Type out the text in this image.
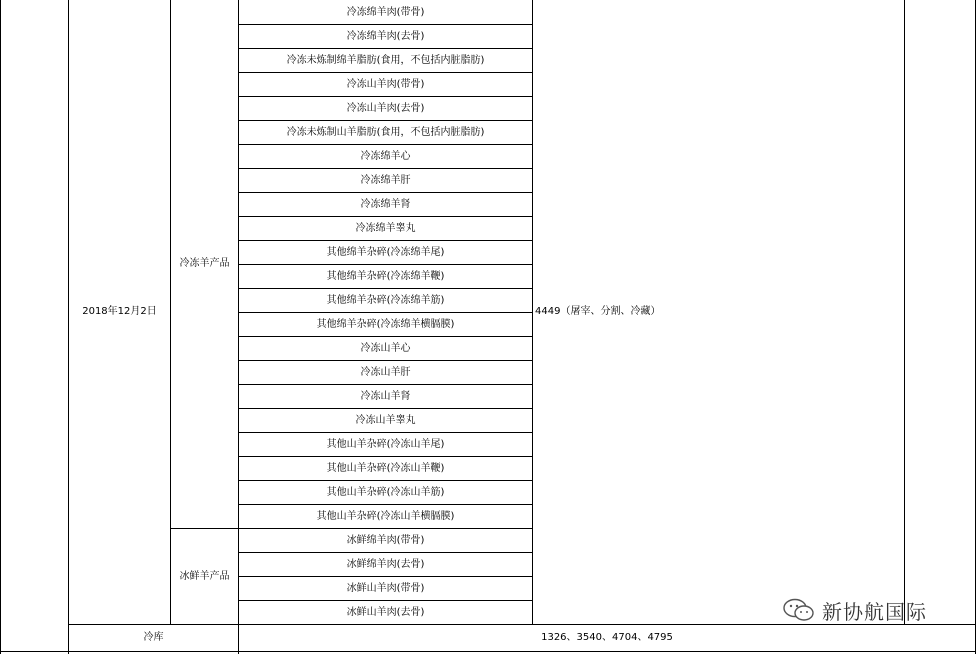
2018年12月2日
冷冻羊产品
冰鲜羊产品
冷冻绵羊肉(带骨)
冷冻绵羊肉(去骨)
冷冻未炼制绵羊脂肪(食用，不包括内脏脂肪)
冷冻山羊肉(带骨)
冷冻山羊肉(去骨)
冷冻未炼制山羊脂肪(食用，不包括内脏脂肪)
冷冻绵羊心
冷冻绵羊肝
冷冻绵羊肾
冷冻绵羊睾丸
其他绵羊杂碎(冷冻绵羊尾)
其他绵羊杂碎(冷冻绵羊鞭)
其他绵羊杂碎(冷冻绵羊筋)
其他绵羊杂碎(冷冻绵羊横膈膜)
冷冻山羊心
冷冻山羊肝
冷冻山羊肾
冷冻山羊睾丸
其他山羊杂碎(冷冻山羊尾)
其他山羊杂碎(冷冻山羊鞭)
其他山羊杂碎(冷冻山羊筋)
其他山羊杂碎(冷冻山羊横膈膜)
冰鲜绵羊肉(带骨)
冰鲜绵羊肉(去骨)
冰鲜山羊肉(带骨)
冰鲜山羊肉(去骨)
4449（屠宰、分割、冷藏）
冷库	1326、3540、4704、4795
新协航国际
